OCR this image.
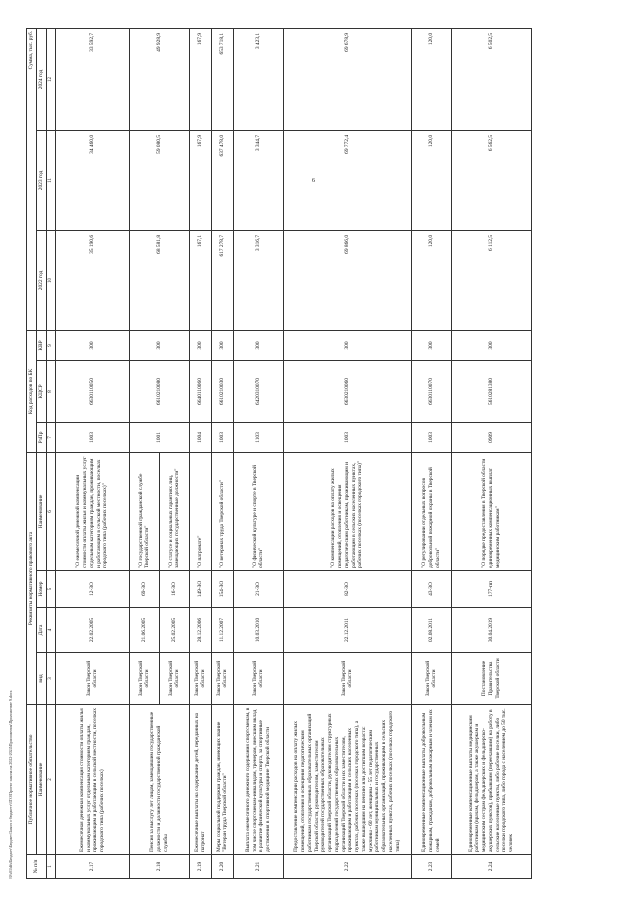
6
№ п/п	Публичное нормативное обязательство	Реквизиты нормативного правового акта				Код расходов по БК			Сумма, тыс. руб.		
	Наименование	вид	Дата	Номер	Наименование	РзПр	КЦСР	КВР	2022 год	2023 год	2024 год

1	2	3	4	5	6	7	8	9	10	11	12
2.17	Ежемесячная денежная компенсация стоимости оплаты жилья и коммунальных услуг отдельным категориям граждан, проживающим и работающим в сельской местности, поселках городского типа (рабочих поселках)	Закон Тверской области	22.02.2005	12-ЗО	"О ежемесячной денежной компенсации стоимости оплаты жилья и коммунальных услуг отдельным категориям граждан, проживающим и работающим в сельской местности, поселках городского типа (рабочих поселках)"	1003	6630110050	300	35 190,6	34 460,0	33 592,7
2.18	Пенсия за выслугу лет лицам, замещавшим государственные должности и должности государственной гражданской службы	Закон Тверской области	21.06.2005	69-ЗО	"О государственной гражданской службе Тверской области"	1001	6610210080	300	68 581,8	59 080,5	49 928,9
		Закон Тверской области	25.02.2005	16-ЗО	"О статусе и социальных гарантиях лиц, замещающих государственные должности"						
2.19	Ежемесячные выплаты на содержание детей, переданных на патронат	Закон Тверской области	28.12.2006	149-ЗО	"О патронате"	1004	6640110060	300	167,1	167,9	167,9
2.20	Меры социальной поддержки граждан, имеющих звание "Ветеран труда Тверской области"	Закон Тверской области	11.12.2007	154-ЗО	"О ветеранах труда Тверской области"	1003	6610210030	300	617 278,7	637 478,0	653 718,1
2.21	Выплата ежемесячного денежного содержания спортсменам, в том числе спортсменам-инвалидам, тренерам, внесшим вклад в развитие физической культуры и спорта, за спортивные достижения в спортивной медицине Тверской области	Закон Тверской области	10.03.2010	21-ЗО	"О физической культуре и спорте в Тверской области"	1103	6420310070	300	3 316,7	3 344,7	3 423,1
2.22	Предоставление компенсации расходов на оплату жилых помещений, отопления и освещения педагогическим работникам государственных образовательных организаций Тверской области, руководителям, заместителям руководителей государственных образовательных организаций Тверской области, руководителям структурных подразделений государственных образовательных организаций Тверской области и их заместителям, проживающим и работающим в сельских населенных пунктах, рабочих поселках (поселках городского типа), а также вышедшим на пенсию или достигшим возраста: мужчины - 60 лет, женщины - 55 лет педагогическим работникам муниципальных и государственных образовательных организаций, проживающим в сельских населенных пунктах, рабочих поселках (поселках городского типа)	Закон Тверской области	22.12.2011	82-ЗО	"О компенсации расходов на оплату жилых помещений, отопления и освещения педагогическим работникам, проживающим и работающим в сельских населенных пунктах, рабочих поселках (поселках городского типа)"	1003	6630210060	300	69 866,0	69 772,4	69 678,9
2.23	Единовременные компенсационные выплаты добровольным пожарным, гражданам, добровольным пожарным и членам их семей	Закон Тверской области	02.08.2011	43-ЗО	"О регулировании отдельных вопросов добровольной пожарной охраны в Тверской области"	1003	6630110070	300	120,0	120,0	120,0
2.24	Единовременные компенсационные выплаты медицинским работникам (врачам, фельдшерам, а также акушеркам и медицинским сестрам фельдшерских и фельдшерско-акушерских пунктов), прибывшим (переехавшим) на работу в сельские населенные пункты, либо рабочие поселки, либо поселки городского типа, либо города с населением до 50 тыс. человек	Постановление Правительства Тверской области	30.04.2019	177-пп	"О порядке предоставления в Тверской области единовременных компенсационных выплат медицинским работникам"	0909	5610281380	300	6 112,5	6 562,5	6 502,5
\\Fs01\dfs\Бюджет\Бюджет\Закон о бюджете\ЗТО\Проект закона на 2022-2024\Приложения\Приложение 9.docx
